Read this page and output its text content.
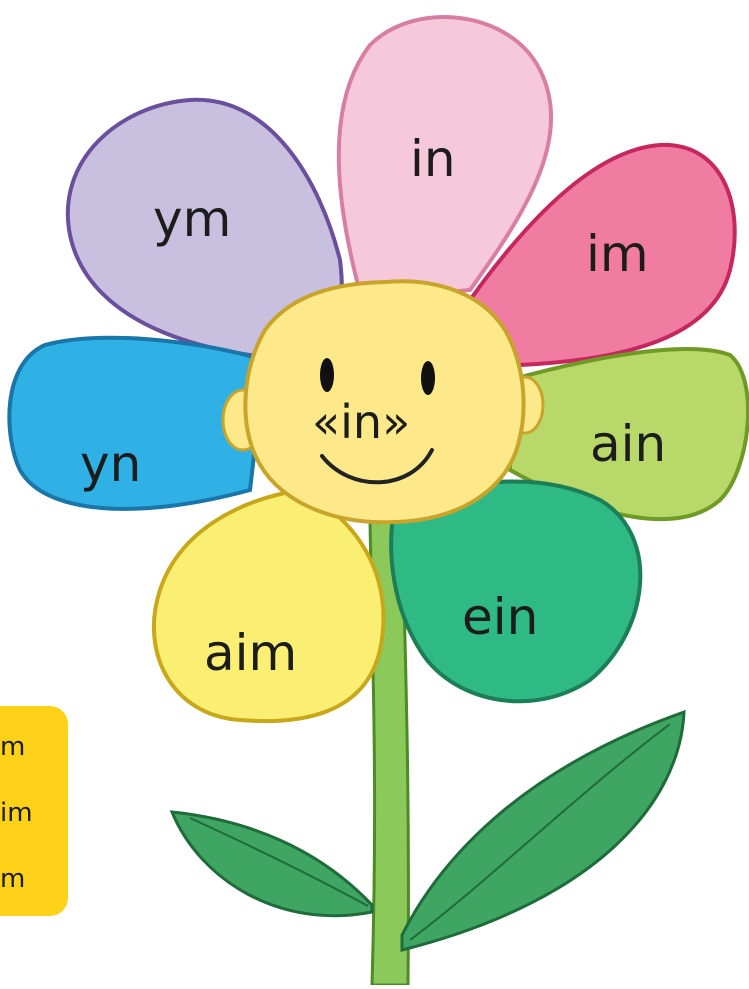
ym
in
im
ain
ein
aim
yn
«in»
m
im
m
